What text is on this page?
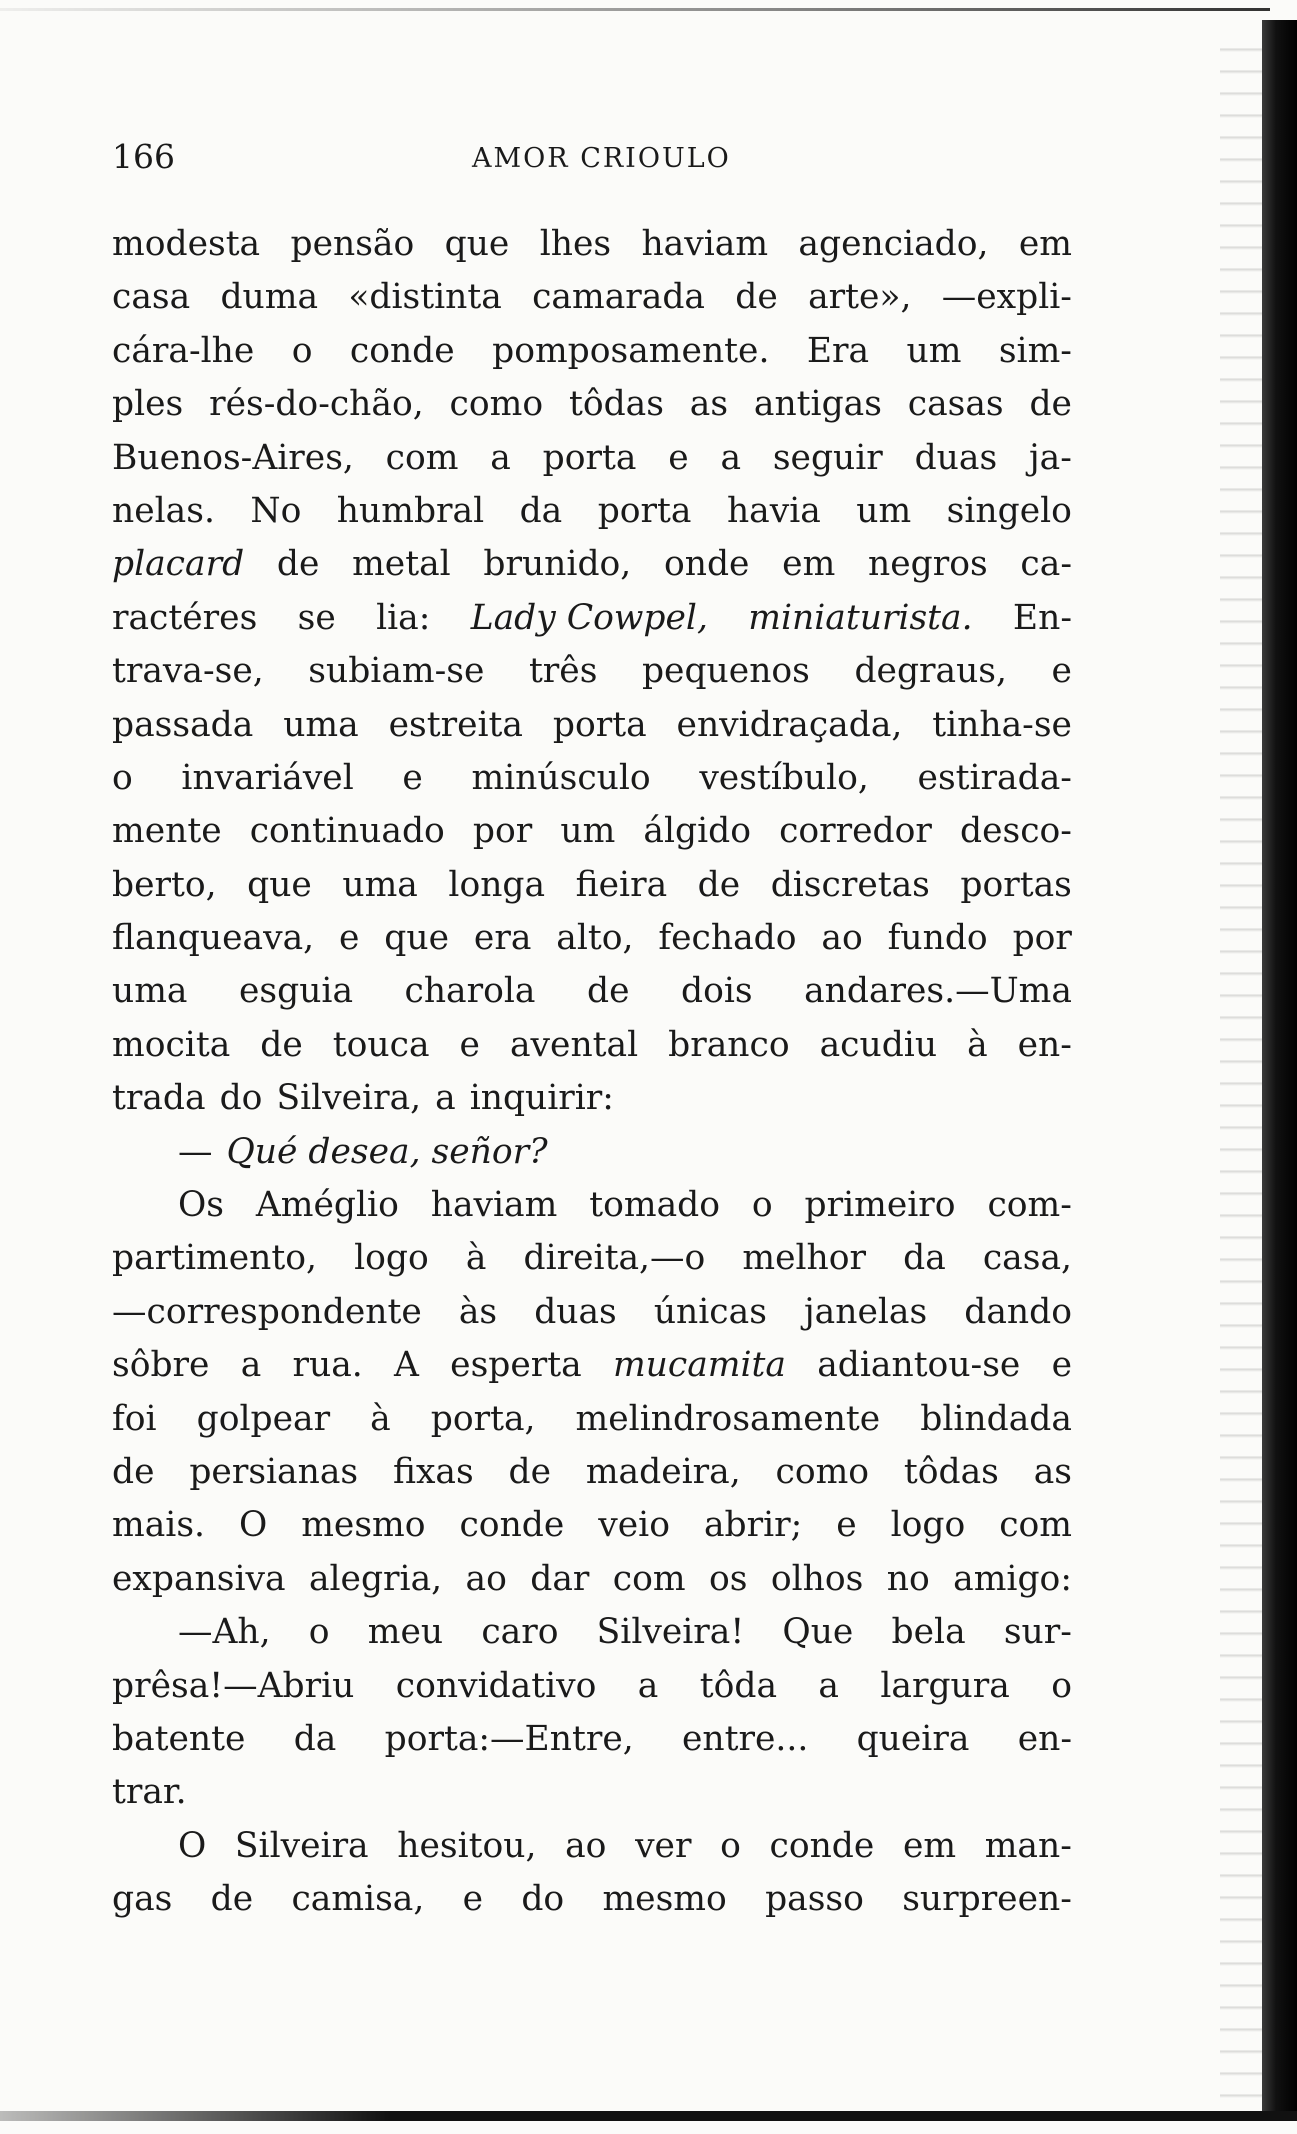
166	AMOR CRIOULO
modesta pensão que lhes haviam agenciado, em
casa duma «distinta camarada de arte», —expli-
cára-lhe o conde pomposamente. Era um sim-
ples rés-do-chão, como tôdas as antigas casas de
Buenos-Aires, com a porta e a seguir duas ja-
nelas. No humbral da porta havia um singelo
placard de metal brunido, onde em negros ca-
ractéres se lia: Lady Cowpel, miniaturista. En-
trava-se, subiam-se três pequenos degraus, e
passada uma estreita porta envidraçada, tinha-se
o invariável e minúsculo vestíbulo, estirada-
mente continuado por um álgido corredor desco-
berto, que uma longa fieira de discretas portas
flanqueava, e que era alto, fechado ao fundo por
uma esguia charola de dois andares.—Uma
mocita de touca e avental branco acudiu à en-
trada do Silveira, a inquirir:
— Qué desea, señor?
Os Améglio haviam tomado o primeiro com-
partimento, logo à direita,—o melhor da casa,
—correspondente às duas únicas janelas dando
sôbre a rua. A esperta mucamita adiantou-se e
foi golpear à porta, melindrosamente blindada
de persianas fixas de madeira, como tôdas as
mais. O mesmo conde veio abrir; e logo com
expansiva alegria, ao dar com os olhos no amigo:
—Ah, o meu caro Silveira! Que bela sur-
prêsa!—Abriu convidativo a tôda a largura o
batente da porta:—Entre, entre... queira en-
trar.
O Silveira hesitou, ao ver o conde em man-
gas de camisa, e do mesmo passo surpreen-
